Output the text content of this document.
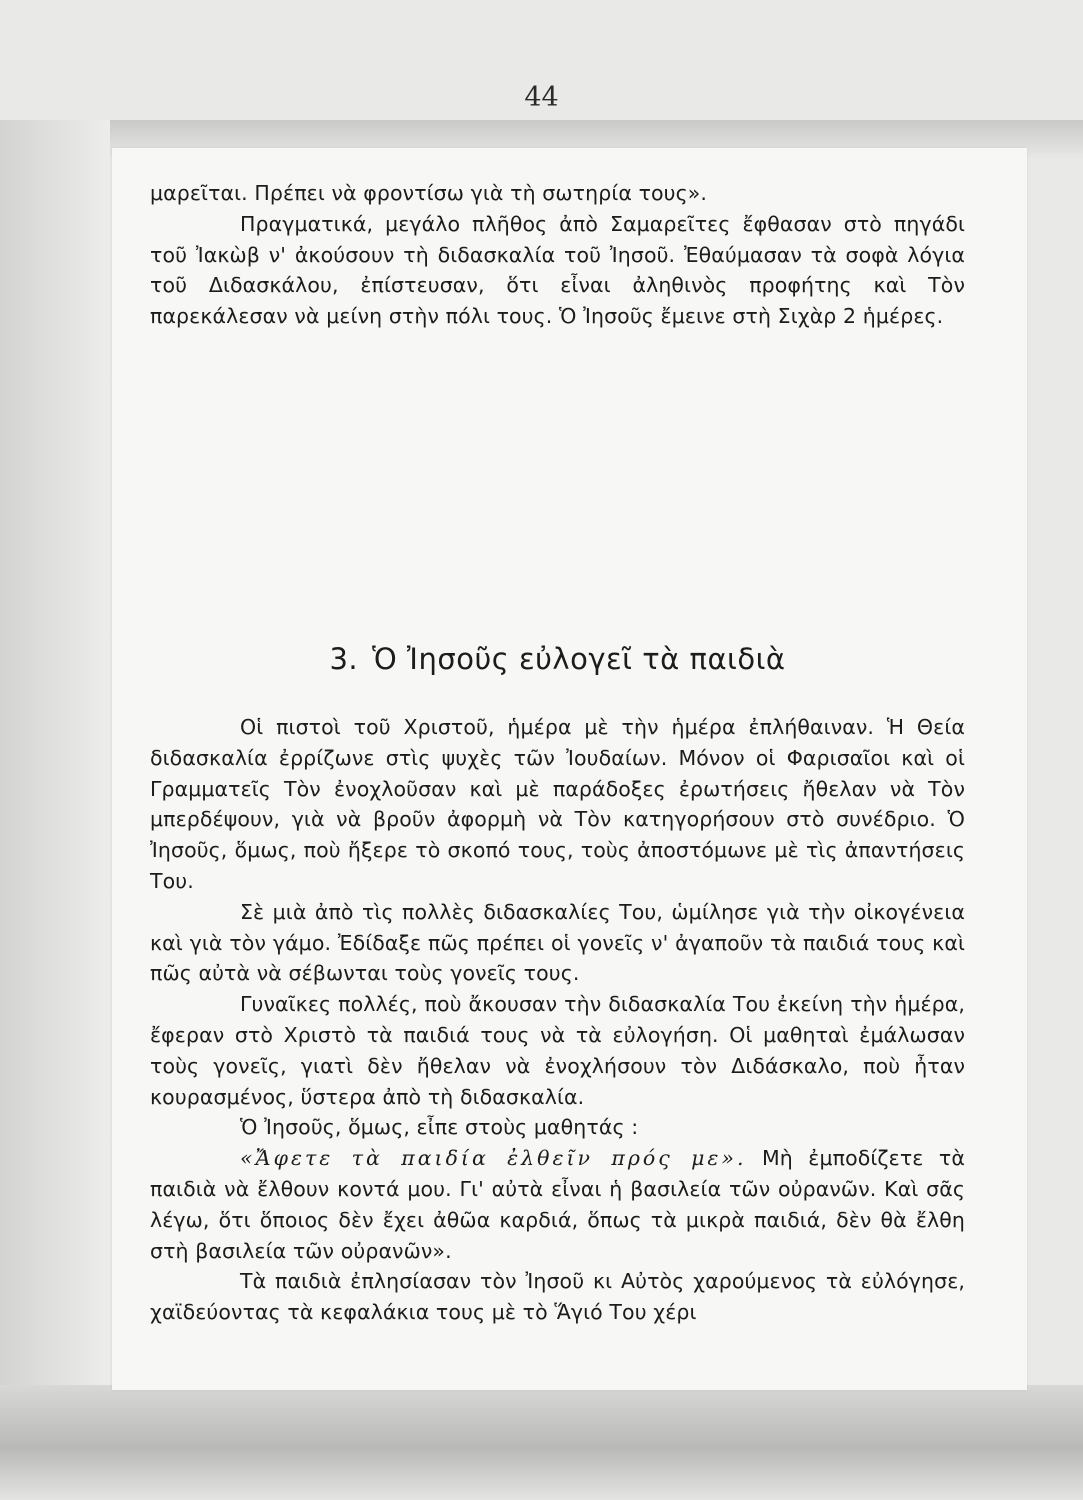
44

μαρεῖται. Πρέπει νὰ φροντίσω γιὰ τὴ σωτηρία τους».

Πραγματικά, μεγάλο πλῆθος ἀπὸ Σαμαρεῖτες ἔφθασαν στὸ πηγάδι τοῦ Ἰακὼβ ν' ἀκούσουν τὴ διδασκαλία τοῦ Ἰησοῦ. Ἐθαύμασαν τὰ σοφὰ λόγια τοῦ Διδασκάλου, ἐπίστευσαν, ὅτι εἶναι ἀληθινὸς προφήτης καὶ Τὸν παρεκάλεσαν νὰ μείνη στὴν πόλι τους. Ὁ Ἰησοῦς ἔμεινε στὴ Σιχὰρ 2 ἡμέρες.

3. Ὁ Ἰησοῦς εὐλογεῖ τὰ παιδιὰ

Οἱ πιστοὶ τοῦ Χριστοῦ, ἡμέρα μὲ τὴν ἡμέρα ἐπλήθαιναν. Ἡ Θεία διδασκαλία ἐρρίζωνε στὶς ψυχὲς τῶν Ἰουδαίων. Μόνον οἱ Φαρισαῖοι καὶ οἱ Γραμματεῖς Τὸν ἐνοχλοῦσαν καὶ μὲ παράδοξες ἐρωτήσεις ἤθελαν νὰ Τὸν μπερδέψουν, γιὰ νὰ βροῦν ἀφορμὴ νὰ Τὸν κατηγορήσουν στὸ συνέδριο. Ὁ Ἰησοῦς, ὅμως, ποὺ ἤξερε τὸ σκοπό τους, τοὺς ἀποστόμωνε μὲ τὶς ἀπαντήσεις Του.

Σὲ μιὰ ἀπὸ τὶς πολλὲς διδασκαλίες Του, ὡμίλησε γιὰ τὴν οἰκογένεια καὶ γιὰ τὸν γάμο. Ἐδίδαξε πῶς πρέπει οἱ γονεῖς ν' ἀγαποῦν τὰ παιδιά τους καὶ πῶς αὐτὰ νὰ σέβωνται τοὺς γονεῖς τους.

Γυναῖκες πολλές, ποὺ ἄκουσαν τὴν διδασκαλία Του ἐκείνη τὴν ἡμέρα, ἔφεραν στὸ Χριστὸ τὰ παιδιά τους νὰ τὰ εὐλογήση. Οἱ μαθηταὶ ἐμάλωσαν τοὺς γονεῖς, γιατὶ δὲν ἤθελαν νὰ ἐνοχλήσουν τὸν Διδάσκαλο, ποὺ ἦταν κουρασμένος, ὕστερα ἀπὸ τὴ διδασκαλία.

Ὁ Ἰησοῦς, ὅμως, εἶπε στοὺς μαθητάς :

«Ἄφετε τὰ παιδία ἐλθεῖν πρός με». Μὴ ἐμποδίζετε τὰ παιδιὰ νὰ ἔλθουν κοντά μου. Γι' αὐτὰ εἶναι ἡ βασιλεία τῶν οὐρανῶν. Καὶ σᾶς λέγω, ὅτι ὅποιος δὲν ἔχει ἀθῶα καρδιά, ὅπως τὰ μικρὰ παιδιά, δὲν θὰ ἔλθη στὴ βασιλεία τῶν οὐρανῶν».

Τὰ παιδιὰ ἐπλησίασαν τὸν Ἰησοῦ κι Αὐτὸς χαρούμενος τὰ εὐλόγησε, χαϊδεύοντας τὰ κεφαλάκια τους μὲ τὸ Ἅγιό Του χέρι
